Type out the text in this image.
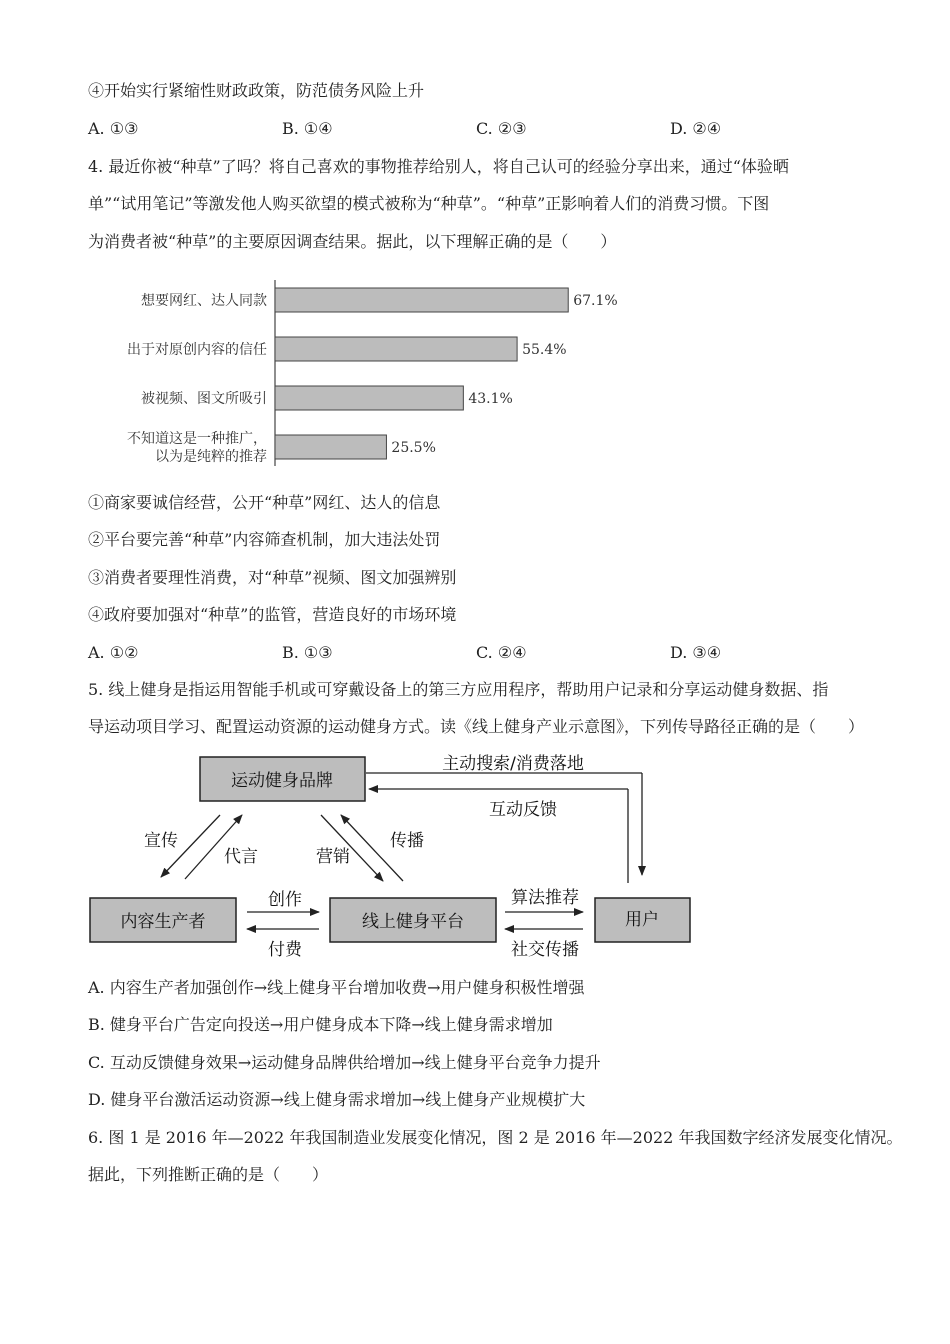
④开始实行紧缩性财政政策，防范债务风险上升
A. ①③	B. ①④	C. ②③	D. ②④
4. 最近你被“种草”了吗？将自己喜欢的事物推荐给别人，将自己认可的经验分享出来，通过“体验晒
单”“试用笔记”等激发他人购买欲望的模式被称为“种草”。“种草”正影响着人们的消费习惯。下图
为消费者被“种草”的主要原因调查结果。据此，以下理解正确的是（　　）
67.1%
想要网红、达人同款
55.4%
出于对原创内容的信任
43.1%
被视频、图文所吸引
25.5%
不知道这是一种推广，
以为是纯粹的推荐
①商家要诚信经营，公开“种草”网红、达人的信息
②平台要完善“种草”内容筛查机制，加大违法处罚
③消费者要理性消费，对“种草”视频、图文加强辨别
④政府要加强对“种草”的监管，营造良好的市场环境
A. ①②	B. ①③	C. ②④	D. ③④
5. 线上健身是指运用智能手机或可穿戴设备上的第三方应用程序，帮助用户记录和分享运动健身数据、指
导运动项目学习、配置运动资源的运动健身方式。读《线上健身产业示意图》，下列传导路径正确的是（　　）
运动健身品牌
内容生产者	线上健身平台	用户
主动搜索/消费落地
互动反馈
宣传
代言	营销
传播
创作
付费
算法推荐
社交传播
A. 内容生产者加强创作→线上健身平台增加收费→用户健身积极性增强
B. 健身平台广告定向投送→用户健身成本下降→线上健身需求增加
C. 互动反馈健身效果→运动健身品牌供给增加→线上健身平台竞争力提升
D. 健身平台激活运动资源→线上健身需求增加→线上健身产业规模扩大
6. 图 1 是 2016 年—2022 年我国制造业发展变化情况，图 2 是 2016 年—2022 年我国数字经济发展变化情况。
据此，下列推断正确的是（　　）
